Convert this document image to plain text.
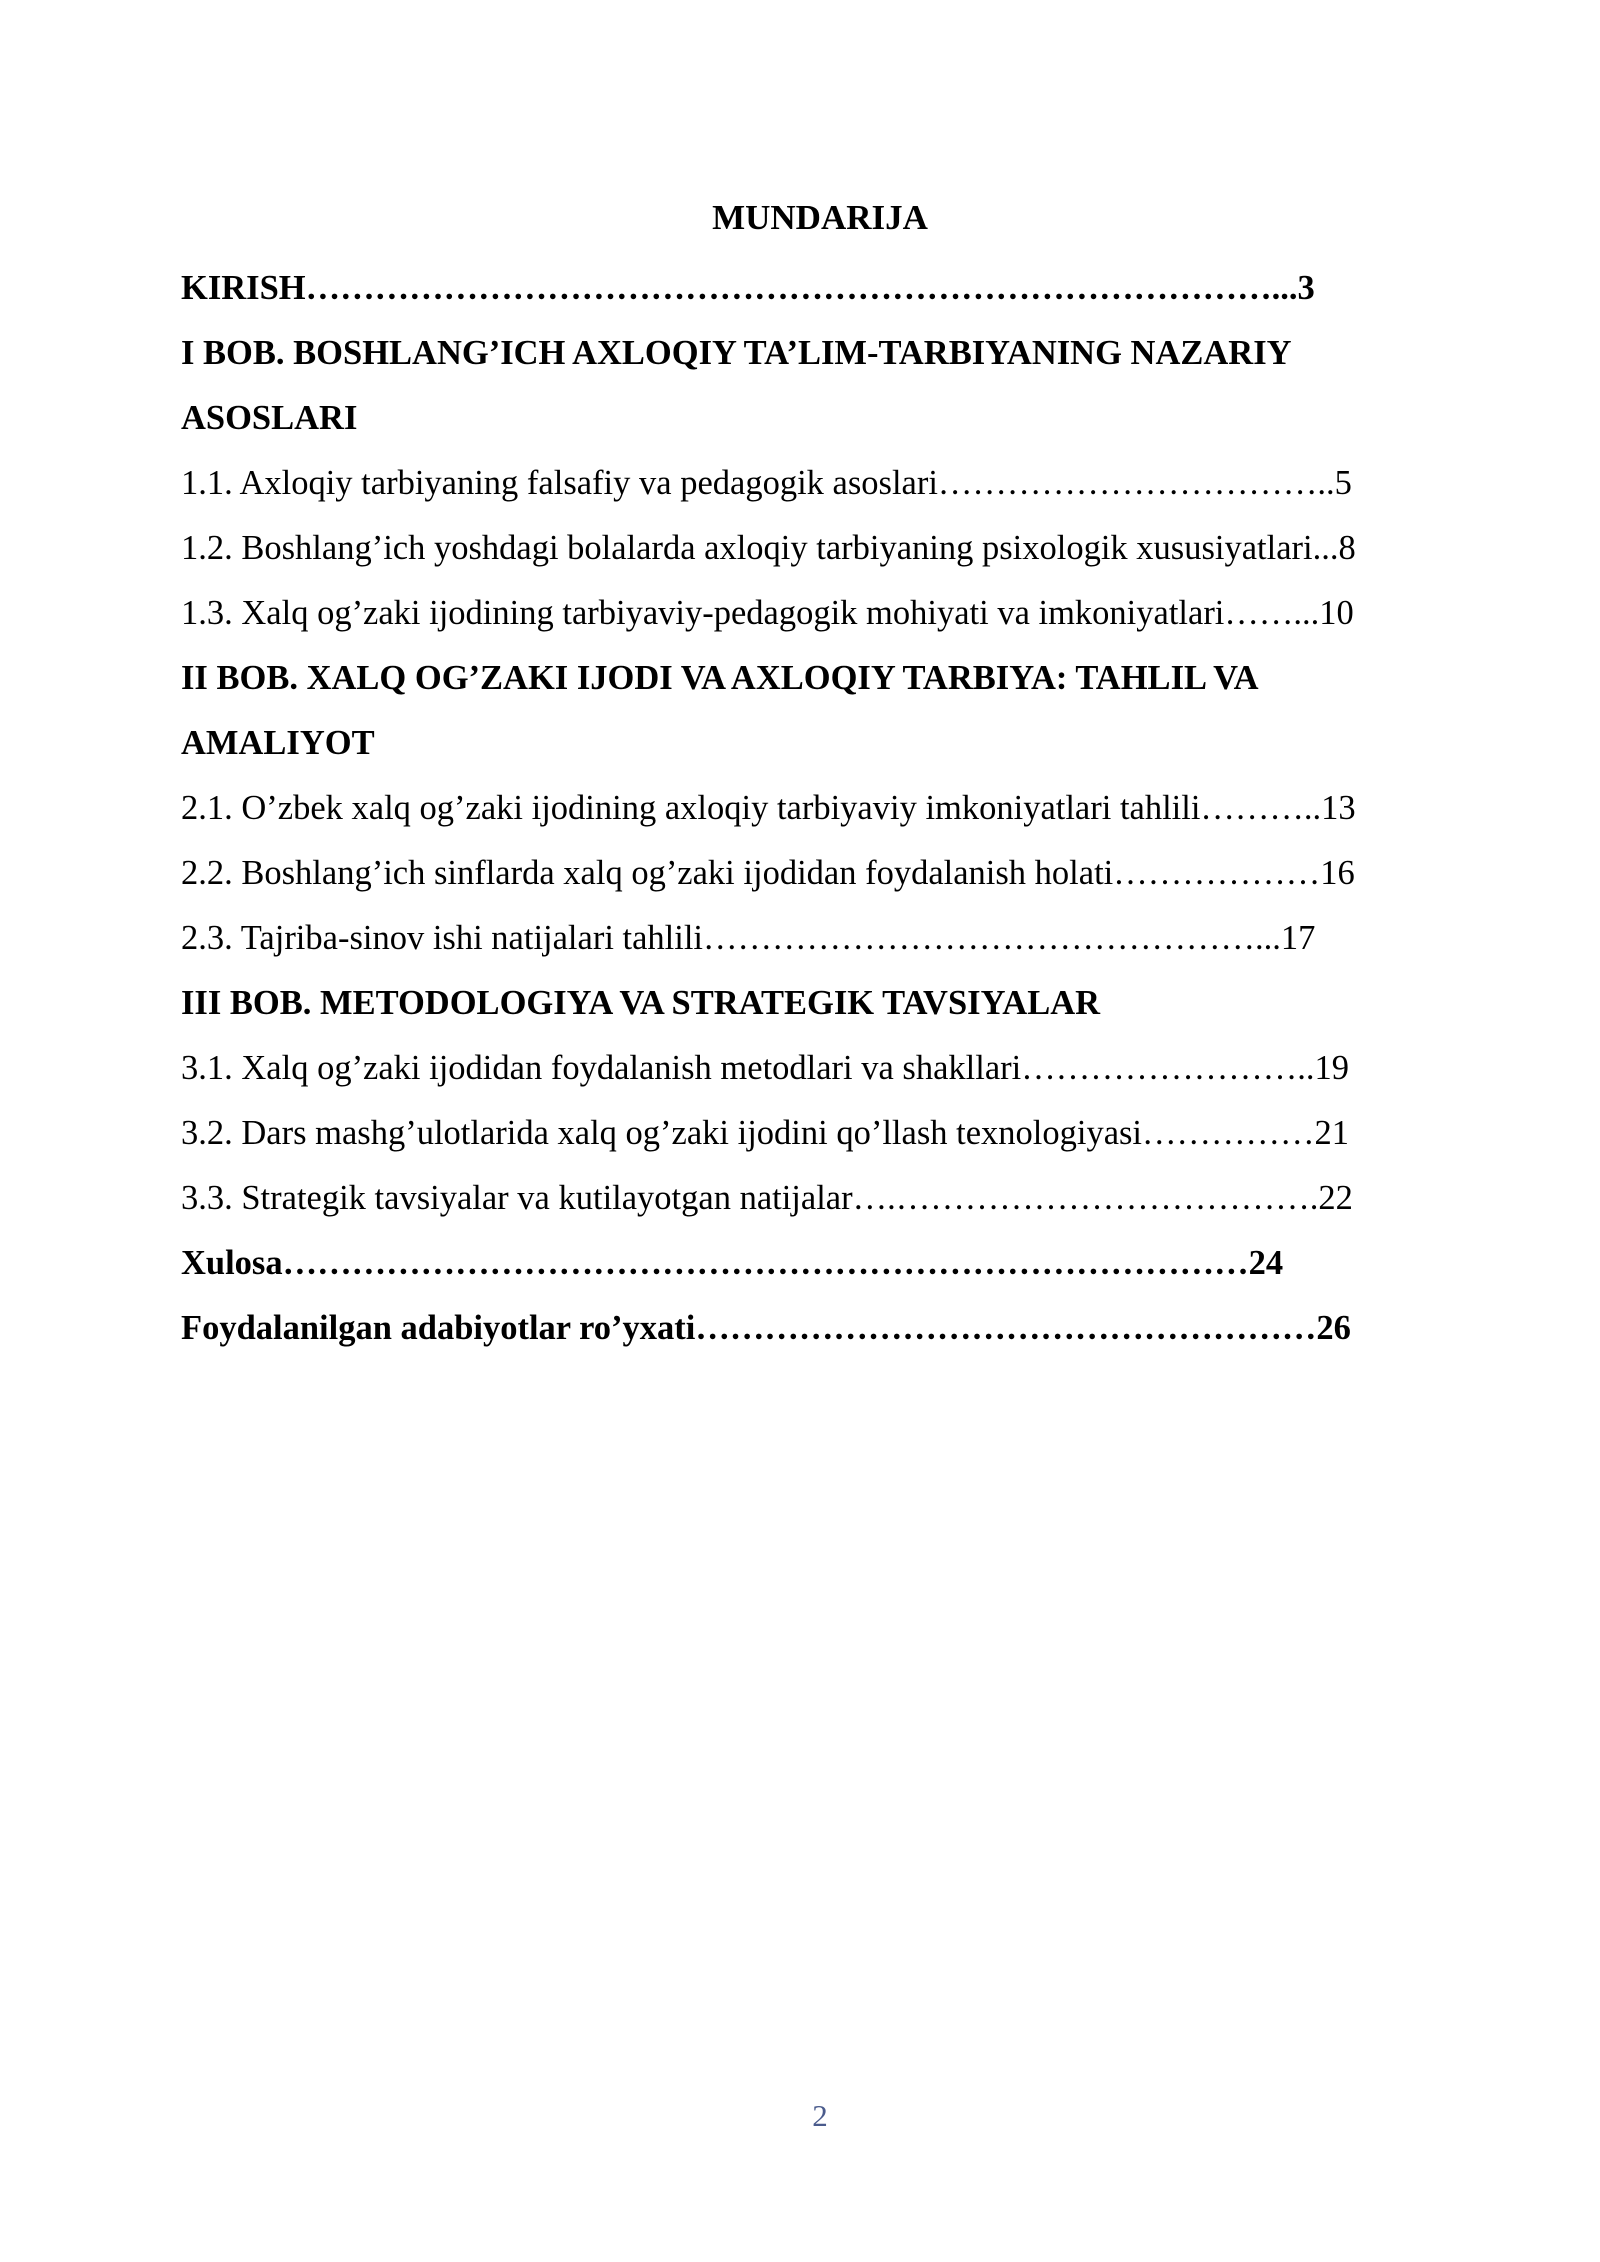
MUNDARIJA
KIRISH…………………………………………………………………………...3
I BOB. BOSHLANG’ICH AXLOQIY TA’LIM-TARBIYANING NAZARIY
ASOSLARI
1.1. Axloqiy tarbiyaning falsafiy va pedagogik asoslari……………………………..5
1.2. Boshlang’ich yoshdagi bolalarda axloqiy tarbiyaning psixologik xususiyatlari...8
1.3. Xalq og’zaki ijodining tarbiyaviy-pedagogik mohiyati va imkoniyatlari……...10
II BOB. XALQ OG’ZAKI IJODI VA AXLOQIY TARBIYA: TAHLIL VA
AMALIYOT
2.1. O’zbek xalq og’zaki ijodining axloqiy tarbiyaviy imkoniyatlari tahlili………..13
2.2. Boshlang’ich sinflarda xalq og’zaki ijodidan foydalanish holati………………16
2.3. Tajriba-sinov ishi natijalari tahlili…………………………………………...17
III BOB. METODOLOGIYA VA STRATEGIK TAVSIYALAR
3.1. Xalq og’zaki ijodidan foydalanish metodlari va shakllari……………………..19
3.2. Dars mashg’ulotlarida xalq og’zaki ijodini qo’llash texnologiyasi……………21
3.3. Strategik tavsiyalar va kutilayotgan natijalar….……………………………….22
Xulosa…………………………………………………………………………24
Foydalanilgan adabiyotlar ro’yxati………………………………………………26
2
